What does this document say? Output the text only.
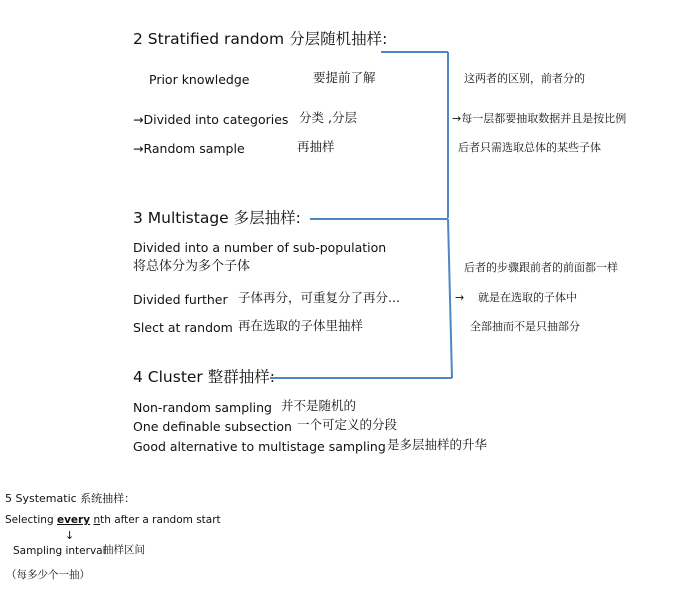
2 Stratified random 分层随机抽样:
Prior knowledge	要提前了解
→Divided into categories 分类 ,分层
→Random sample	再抽样
这两者的区别，前者分的
→每一层都要抽取数据并且是按比例
后者只需选取总体的某些子体
后者的步骤跟前者的前面都一样
→ 就是在选取的子体中
全部抽而不是只抽部分
3 Multistage 多层抽样:
Divided into a number of sub-population
将总体分为多个子体
Divided further 子体再分，可重复分了再分...
Slect at random 再在选取的子体里抽样
4 Cluster 整群抽样:
Non-random sampling 并不是随机的
One definable subsection 一个可定义的分段
Good alternative to multistage sampling 是多层抽样的升华
5 Systematic 系统抽样：
Selecting every nth after a random start
↓
Sampling interval
抽样区间
（每多少个一抽）
